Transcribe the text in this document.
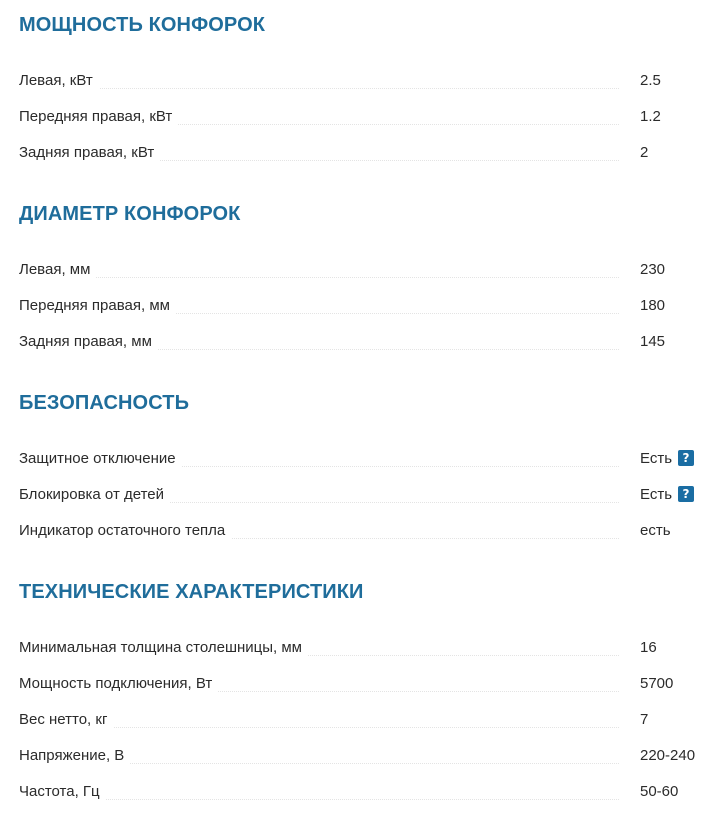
МОЩНОСТЬ КОНФОРОК
Левая, кВт	2.5
Передняя правая, кВт	1.2
Задняя правая, кВт	2
ДИАМЕТР КОНФОРОК
Левая, мм	230
Передняя правая, мм	180
Задняя правая, мм	145
БЕЗОПАСНОСТЬ
Защитное отключение	Есть ?
Блокировка от детей	Есть ?
Индикатор остаточного тепла	есть
ТЕХНИЧЕСКИЕ ХАРАКТЕРИСТИКИ
Минимальная толщина столешницы, мм	16
Мощность подключения, Вт	5700
Вес нетто, кг	7
Напряжение, В	220-240
Частота, Гц	50-60
